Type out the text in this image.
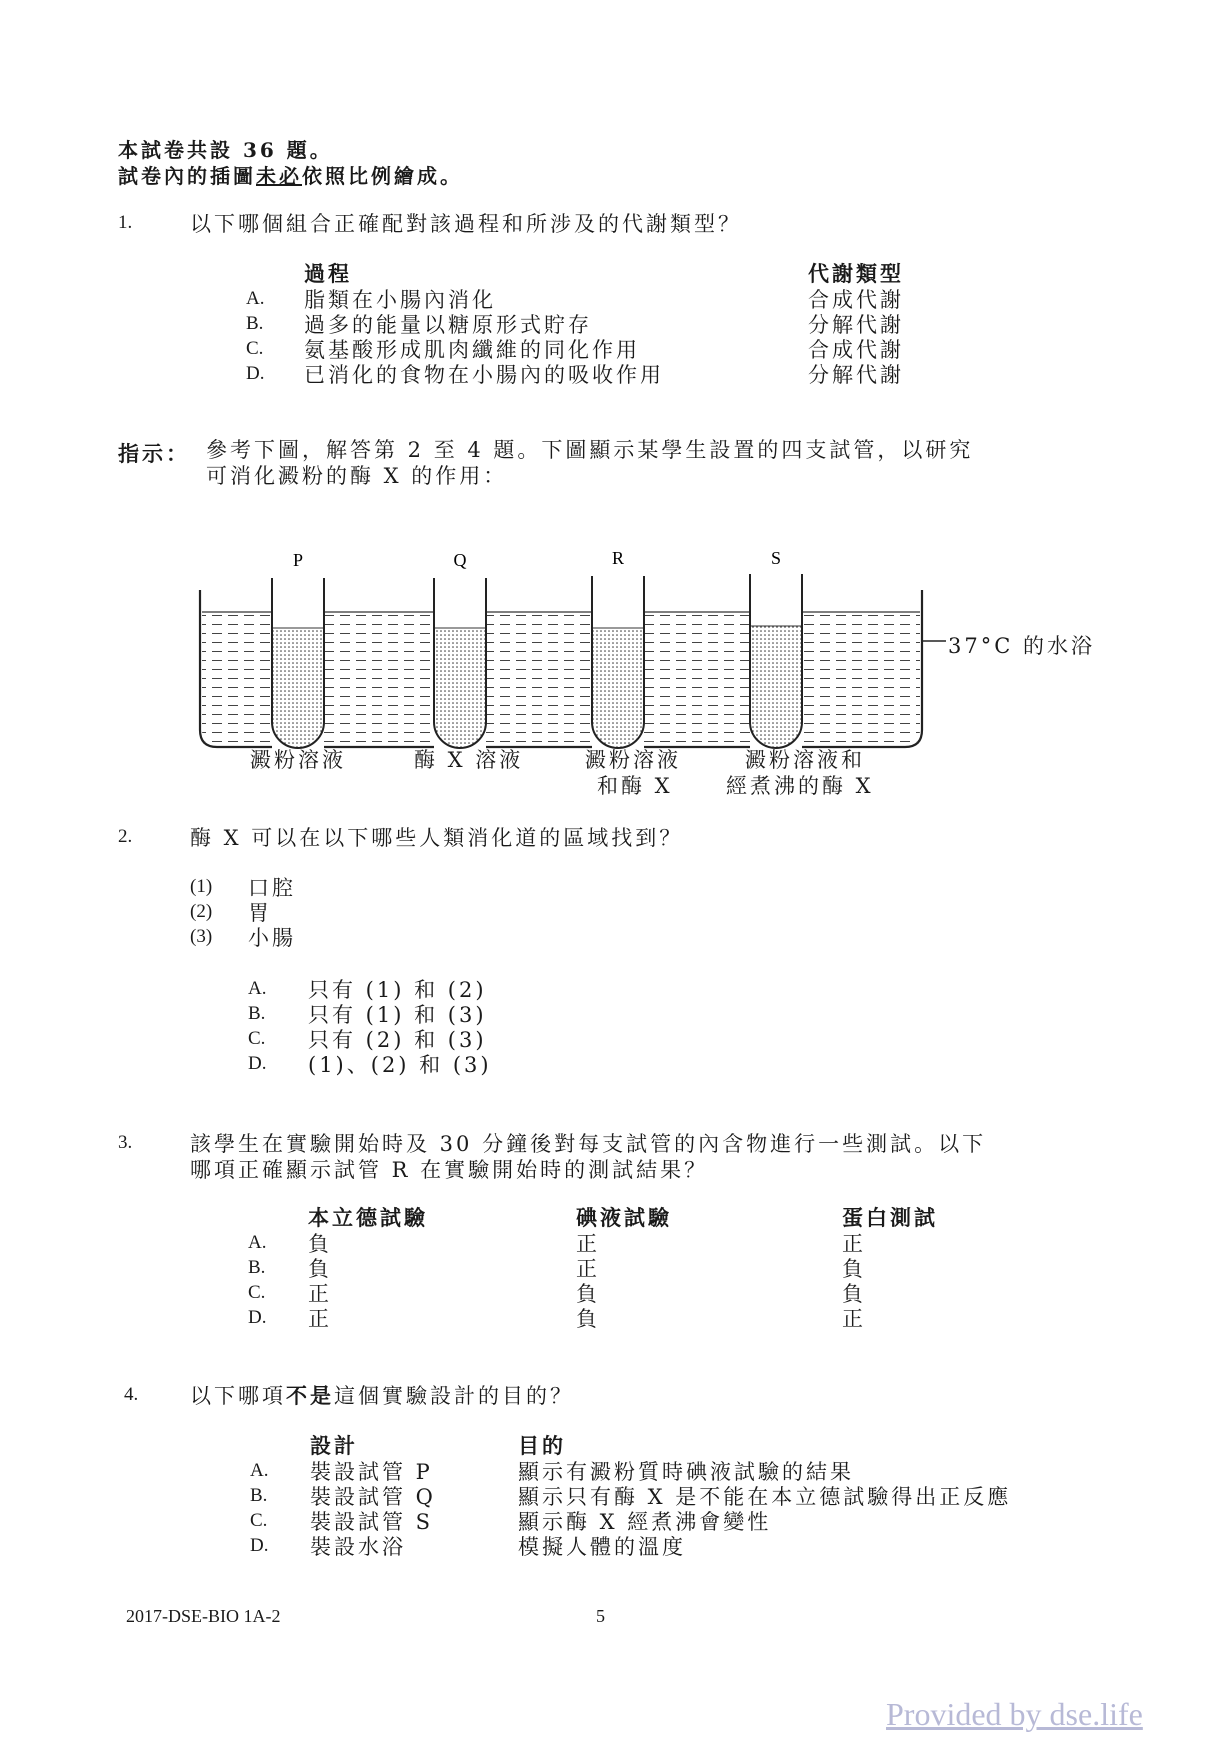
本試卷共設 36 題。
試卷內的插圖未必依照比例繪成。
1.	以下哪個組合正確配對該過程和所涉及的代謝類型？
過程	代謝類型
A. 脂類在小腸內消化	合成代謝
B. 過多的能量以糖原形式貯存	分解代謝
C. 氨基酸形成肌肉纖維的同化作用	合成代謝
D. 已消化的食物在小腸內的吸收作用	分解代謝
指示： 參考下圖，解答第 2 至 4 題。下圖顯示某學生設置的四支試管，以研究
可消化澱粉的酶 X 的作用：
P	Q	R	S
37°C 的水浴
澱粉溶液	酶 X 溶液	澱粉溶液
和酶 X
澱粉溶液和
經煮沸的酶 X
2.	酶 X 可以在以下哪些人類消化道的區域找到？
(1) 口腔
(2) 胃
(3) 小腸
A. 只有 (1) 和 (2)
B. 只有 (1) 和 (3)
C. 只有 (2) 和 (3)
D. (1)、(2) 和 (3)
3.	該學生在實驗開始時及 30 分鐘後對每支試管的內含物進行一些測試。以下
哪項正確顯示試管 R 在實驗開始時的測試結果？
本立德試驗	碘液試驗	蛋白測試
A. 負	正	正
B. 負	正	負
C. 正	負	負
D. 正	負	正
4. 以下哪項不是這個實驗設計的目的？
設計	目的
A. 裝設試管 P	顯示有澱粉質時碘液試驗的結果
B. 裝設試管 Q	顯示只有酶 X 是不能在本立德試驗得出正反應
C. 裝設試管 S	顯示酶 X 經煮沸會變性
D. 裝設水浴	模擬人體的溫度
2017-DSE-BIO 1A-2	5
Provided by dse.life
